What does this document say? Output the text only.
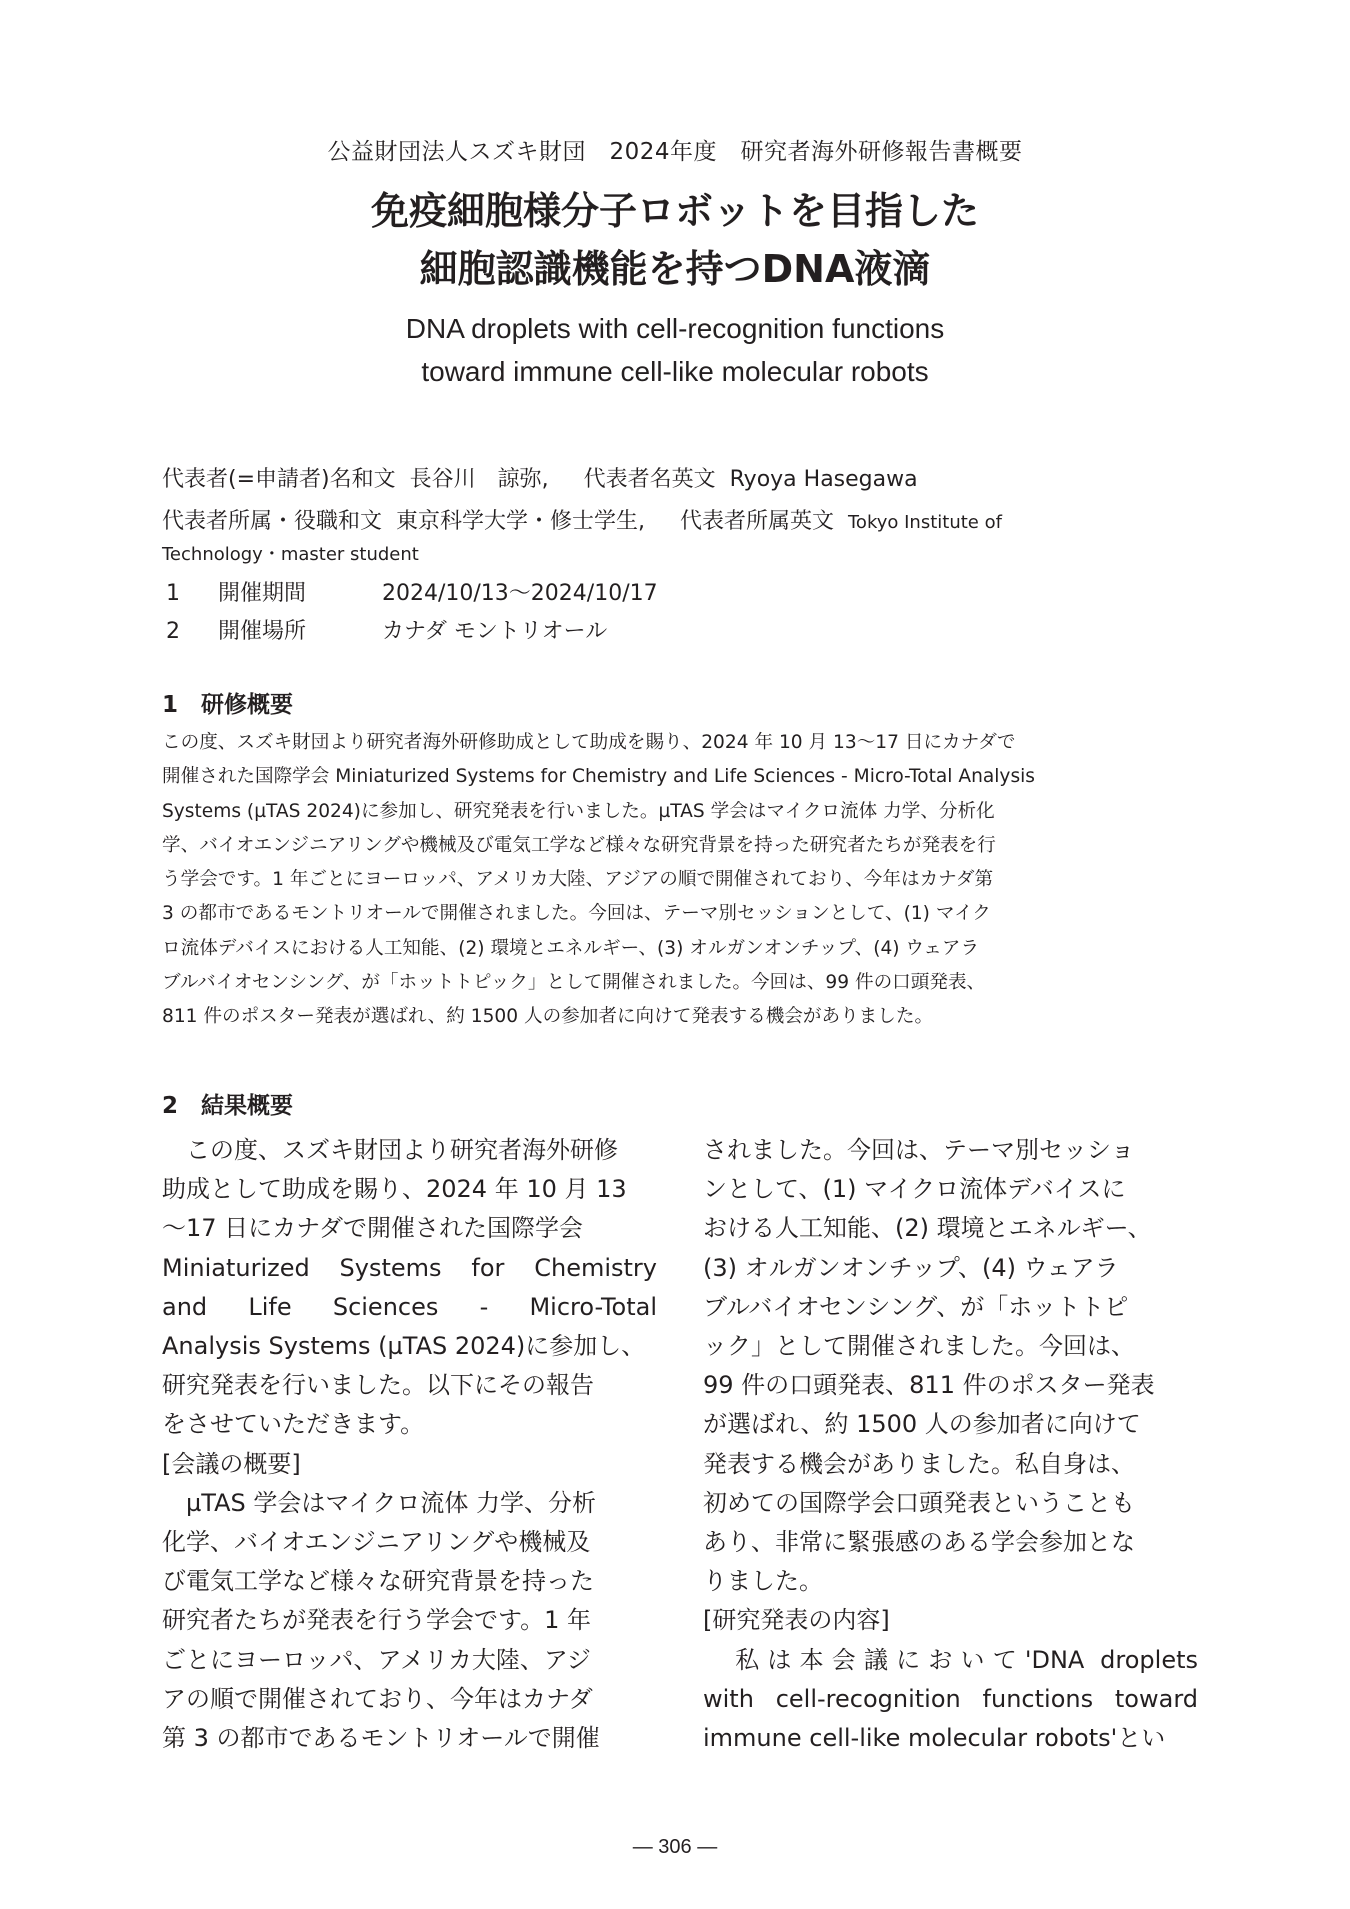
公益財団法人スズキ財団　2024年度　研究者海外研修報告書概要
免疫細胞様分子ロボットを目指した
細胞認識機能を持つDNA液滴
DNA droplets with cell-recognition functions
toward immune cell-like molecular robots
代表者(=申請者)名和文 長谷川　諒弥, 代表者名英文 Ryoya Hasegawa
代表者所属・役職和文 東京科学大学・修士学生, 代表者所属英文 Tokyo Institute of
Technology・master student
1 開催期間	2024/10/13～2024/10/17
2 開催場所	カナダ モントリオール
1　研修概要
この度、スズキ財団より研究者海外研修助成として助成を賜り、2024 年 10 月 13～17 日にカナダで
開催された国際学会 Miniaturized Systems for Chemistry and Life Sciences - Micro-Total Analysis
Systems (µTAS 2024)に参加し、研究発表を行いました。µTAS 学会はマイクロ流体 力学、分析化
学、バイオエンジニアリングや機械及び電気工学など様々な研究背景を持った研究者たちが発表を行
う学会です。1 年ごとにヨーロッパ、アメリカ大陸、アジアの順で開催されており、今年はカナダ第
3 の都市であるモントリオールで開催されました。今回は、テーマ別セッションとして、(1) マイク
ロ流体デバイスにおける人工知能、(2) 環境とエネルギー、(3) オルガンオンチップ、(4) ウェアラ
ブルバイオセンシング、が「ホットトピック」として開催されました。今回は、99 件の口頭発表、
811 件のポスター発表が選ばれ、約 1500 人の参加者に向けて発表する機会がありました。
2　結果概要
　この度、スズキ財団より研究者海外研修
助成として助成を賜り、2024 年 10 月 13
～17 日にカナダで開催された国際学会
Miniaturized Systems for Chemistry
and Life Sciences - Micro-Total
Analysis Systems (µTAS 2024)に参加し、
研究発表を行いました。以下にその報告
をさせていただきます。
[会議の概要]
　µTAS 学会はマイクロ流体 力学、分析
化学、バイオエンジニアリングや機械及
び電気工学など様々な研究背景を持った
研究者たちが発表を行う学会です。1 年
ごとにヨーロッパ、アメリカ大陸、アジ
アの順で開催されており、今年はカナダ
第 3 の都市であるモントリオールで開催
されました。今回は、テーマ別セッショ
ンとして、(1) マイクロ流体デバイスに
おける人工知能、(2) 環境とエネルギー、
(3) オルガンオンチップ、(4) ウェアラ
ブルバイオセンシング、が「ホットトピ
ック」として開催されました。今回は、
99 件の口頭発表、811 件のポスター発表
が選ばれ、約 1500 人の参加者に向けて
発表する機会がありました。私自身は、
初めての国際学会口頭発表ということも
あり、非常に緊張感のある学会参加とな
りました。
[研究発表の内容]
　私は本会議において'DNA droplets
with cell-recognition functions toward
immune cell-like molecular robots'とい
— 306 —
